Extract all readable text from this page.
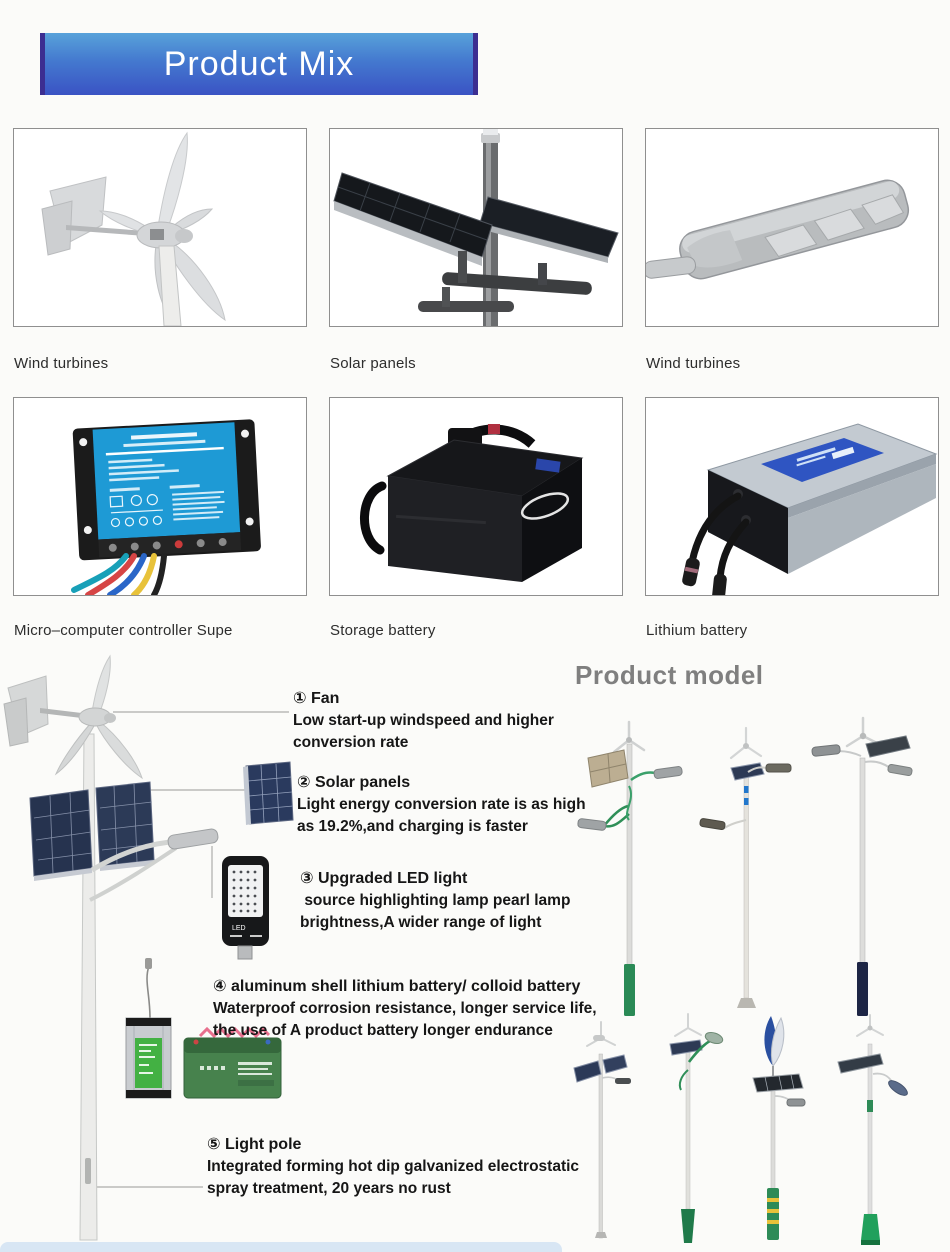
Product Mix
Wind turbines	Solar panels	Wind turbines
Micro–computer controller Supe	Storage battery	Lithium battery
Product model
LED
① Fan
Low start-up windspeed and higher
conversion rate
② Solar panels
Light energy conversion rate is as high
as 19.2%,and charging is faster
③ Upgraded LED light
source highlighting lamp pearl lamp
brightness,A wider range of light
④ aluminum shell lithium battery/ colloid battery
Waterproof corrosion resistance, longer service life,
the use of A product battery longer endurance
⑤ Light pole
Integrated forming hot dip galvanized electrostatic
spray treatment, 20 years no rust
